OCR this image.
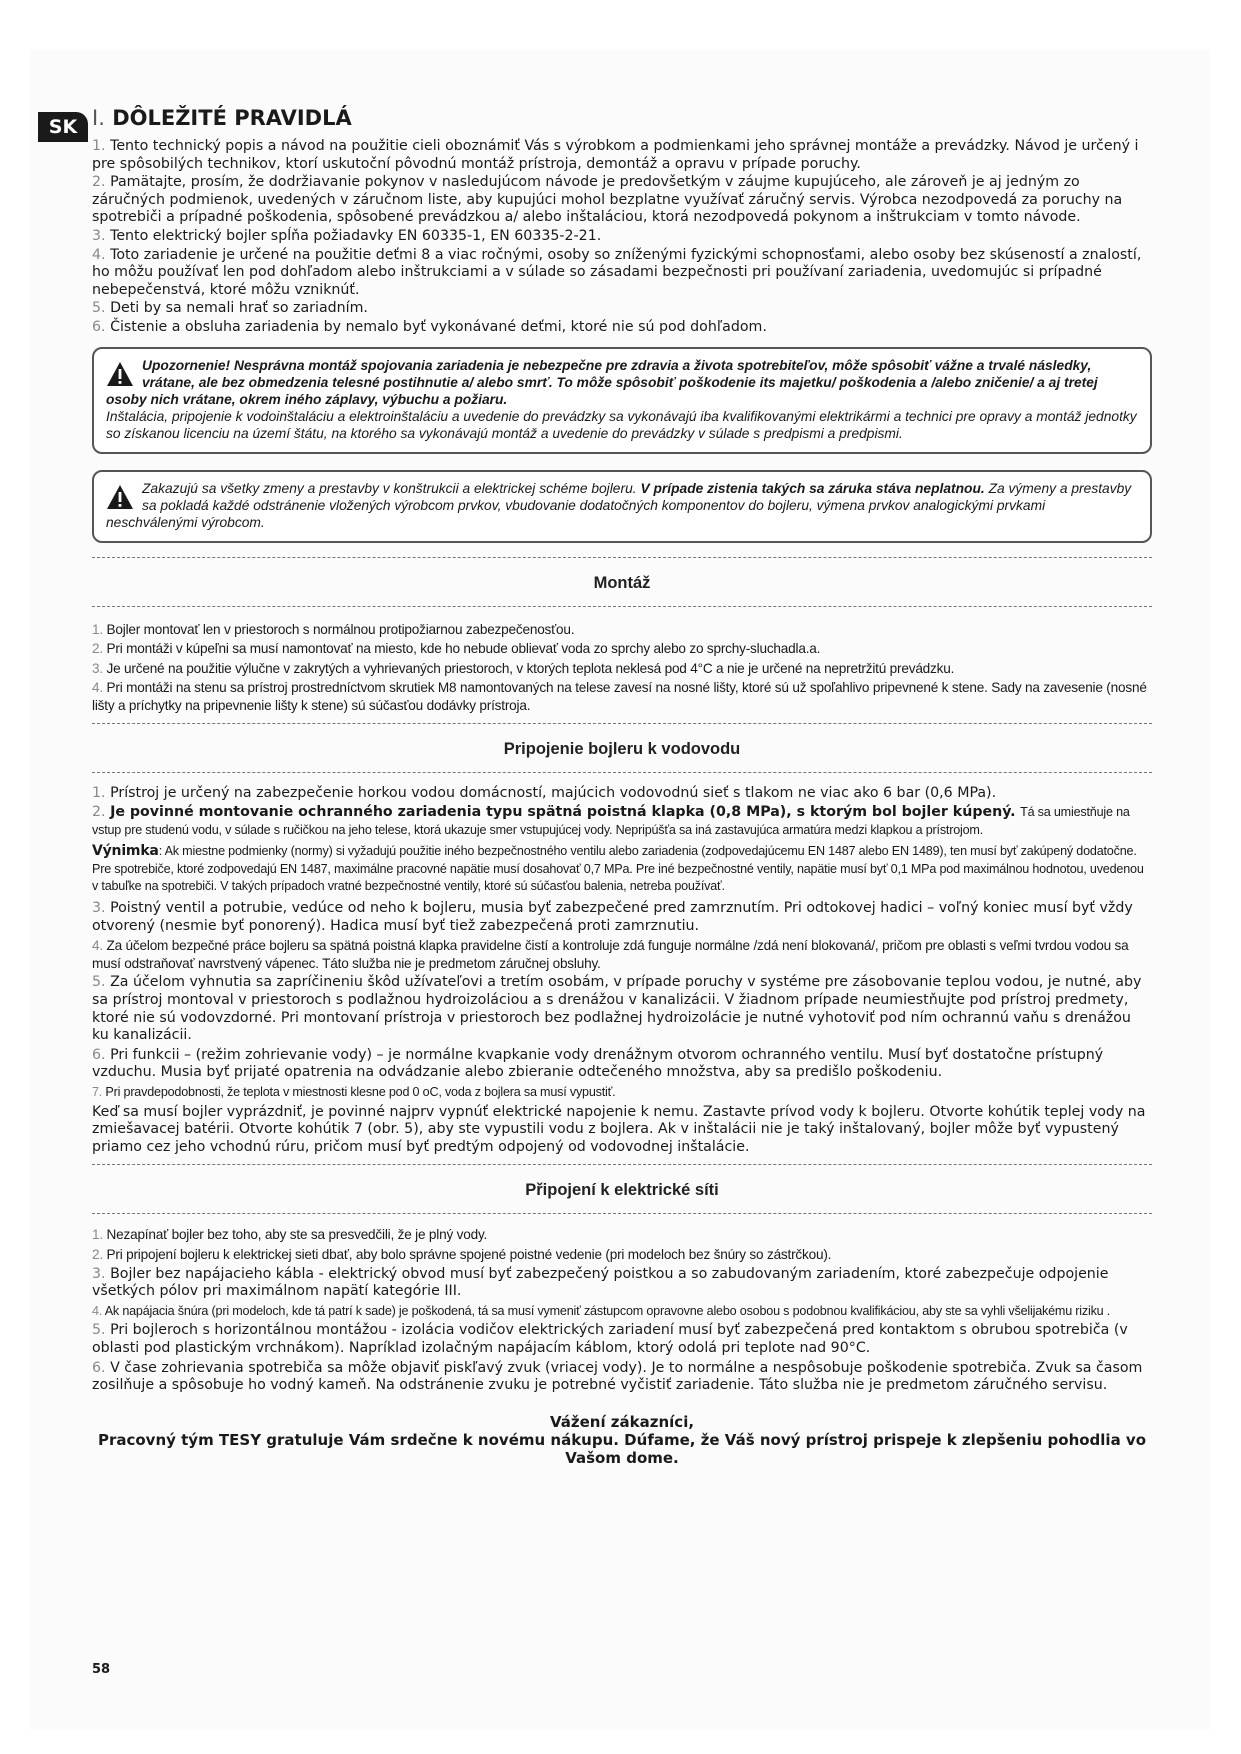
SK I. DÔLEŽITÉ PRAVIDLÁ

1. Tento technický popis a návod na použitie cieli oboznámiť Vás s výrobkom a podmienkami jeho správnej montáže a prevádzky. Návod je určený i pre spôsobilých technikov, ktorí uskutoční pôvodnú montáž prístroja, demontáž a opravu v prípade poruchy.

2. Pamätajte, prosím, že dodržiavanie pokynov v nasledujúcom návode je predovšetkým v záujme kupujúceho, ale zároveň je aj jedným zo záručných podmienok, uvedených v záručnom liste, aby kupujúci mohol bezplatne využívať záručný servis. Výrobca nezodpovedá za poruchy na spotrebiči a prípadné poškodenia, spôsobené prevádzkou a/ alebo inštaláciou, ktorá nezodpovedá pokynom a inštrukciam v tomto návode.

3. Tento elektrický bojler spĺňa požiadavky EN 60335-1, EN 60335-2-21.

4. Toto zariadenie je určené na použitie deťmi 8 a viac ročnými, osoby so zníženými fyzickými schopnosťami, alebo osoby bez skúseností a znalostí, ho môžu používať len pod dohľadom alebo inštrukciami a v súlade so zásadami bezpečnosti pri používaní zariadenia, uvedomujúc si prípadné nebepečenstvá, ktoré môžu vzniknúť.

5. Deti by sa nemali hrať so zariadním.

6. Čistenie a obsluha zariadenia by nemalo byť vykonávané deťmi, ktoré nie sú pod dohľadom.

Upozornenie! Nesprávna montáž spojovania zariadenia je nebezpečne pre zdravia a života spotrebiteľov, môže spôsobiť vážne a trvalé následky, vrátane, ale bez obmedzenia telesné postihnutie a/ alebo smrť. To môže spôsobiť poškodenie its majetku/ poškodenia a /alebo zničenie/ a aj tretej osoby nich vrátane, okrem iného záplavy, výbuchu a požiaru.
Inštalácia, pripojenie k vodoinštaláciu a elektroinštaláciu a uvedenie do prevádzky sa vykonávajú iba kvalifikovanými elektrikármi a technici pre opravy a montáž jednotky so získanou licenciu na území štátu, na ktorého sa vykonávajú montáž a uvedenie do prevádzky v súlade s predpismi a predpismi.
Zakazujú sa všetky zmeny a prestavby v konštrukcii a elektrickej schéme bojleru. V prípade zistenia takých sa záruka stáva neplatnou. Za výmeny a prestavby sa pokladá každé odstránenie vložených výrobcom prvkov, vbudovanie dodatočných komponentov do bojleru, výmena prvkov analogickými prvkami neschválenými výrobcom.
Montáž

1. Bojler montovať len v priestoroch s normálnou protipožiarnou zabezpečenosťou.

2. Pri montáži v kúpeľni sa musí namontovať na miesto, kde ho nebude oblievať voda zo sprchy alebo zo sprchy-sluchadla.a.

3. Je určené na použitie výlučne v zakrytých a vyhrievaných priestoroch, v ktorých teplota neklesá pod 4°C a nie je určené na nepretržitú prevádzku.

4. Pri montáži na stenu sa prístroj prostredníctvom skrutiek M8 namontovaných na telese zavesí na nosné lišty, ktoré sú už spoľahlivo pripevnené k stene. Sady na zavesenie (nosné lišty a príchytky na pripevnenie lišty k stene) sú súčasťou dodávky prístroja.

Pripojenie bojleru k vodovodu

1. Prístroj je určený na zabezpečenie horkou vodou domácností, majúcich vodovodnú sieť s tlakom ne viac ako 6 bar (0,6 MPa).

2. Je povinné montovanie ochranného zariadenia typu spätná poistná klapka (0,8 MPa), s ktorým bol bojler kúpený. Tá sa umiestňuje na vstup pre studenú vodu, v súlade s ručičkou na jeho telese, ktorá ukazuje smer vstupujúcej vody. Nepripúšťa sa iná zastavujúca armatúra medzi klapkou a prístrojom.

Výnimka: Ak miestne podmienky (normy) si vyžadujú použitie iného bezpečnostného ventilu alebo zariadenia (zodpovedajúcemu EN 1487 alebo EN 1489), ten musí byť zakúpený dodatočne. Pre spotrebiče, ktoré zodpovedajú EN 1487, maximálne pracovné napätie musí dosahovať 0,7 MPa. Pre iné bezpečnostné ventily, napätie musí byť 0,1 MPa pod maximálnou hodnotou, uvedenou v tabuľke na spotrebiči. V takých prípadoch vratné bezpečnostné ventily, ktoré sú súčasťou balenia, netreba používať.

3. Poistný ventil a potrubie, vedúce od neho k bojleru, musia byť zabezpečené pred zamrznutím. Pri odtokovej hadici – voľný koniec musí byť vždy otvorený (nesmie byť ponorený). Hadica musí byť tiež zabezpečená proti zamrznutiu.

4. Za účelom bezpečné práce bojleru sa spätná poistná klapka pravidelne čistí a kontroluje zdá funguje normálne /zdá není blokovaná/, pričom pre oblasti s veľmi tvrdou vodou sa musí odstraňovať navrstvený vápenec. Táto služba nie je predmetom záručnej obsluhy.

5. Za účelom vyhnutia sa zapríčineniu škôd užívateľovi a tretím osobám, v prípade poruchy v systéme pre zásobovanie teplou vodou, je nutné, aby sa prístroj montoval v priestoroch s podlažnou hydroizoláciou a s drenážou v kanalizácii. V žiadnom prípade neumiestňujte pod prístroj predmety, ktoré nie sú vodovzdorné. Pri montovaní prístroja v priestoroch bez podlažnej hydroizolácie je nutné vyhotoviť pod ním ochrannú vaňu s drenážou ku kanalizácii.

6. Pri funkcii – (režim zohrievanie vody) – je normálne kvapkanie vody drenážnym otvorom ochranného ventilu. Musí byť dostatočne prístupný vzduchu. Musia byť prijaté opatrenia na odvádzanie alebo zbieranie odtečeného množstva, aby sa predišlo poškodeniu.

7. Pri pravdepodobnosti, že teplota v miestnosti klesne pod 0 oC, voda z bojlera sa musí vypustiť.

Keď sa musí bojler vyprázdniť, je povinné najprv vypnúť elektrické napojenie k nemu. Zastavte prívod vody k bojleru. Otvorte kohútik teplej vody na zmiešavacej batérii. Otvorte kohútik 7 (obr. 5), aby ste vypustili vodu z bojlera. Ak v inštalácii nie je taký inštalovaný, bojler môže byť vypustený priamo cez jeho vchodnú rúru, pričom musí byť predtým odpojený od vodovodnej inštalácie.

Připojení k elektrické síti

1. Nezapínať bojler bez toho, aby ste sa presvedčili, že je plný vody.

2. Pri pripojení bojleru k elektrickej sieti dbať, aby bolo správne spojené poistné vedenie (pri modeloch bez šnúry so zástrčkou).

3. Bojler bez napájacieho kábla - elektrický obvod musí byť zabezpečený poistkou a so zabudovaným zariadením, ktoré zabezpečuje odpojenie všetkých pólov pri maximálnom napätí kategórie III.

4. Ak napájacia šnúra (pri modeloch, kde tá patrí k sade) je poškodená, tá sa musí vymeniť zástupcom opravovne alebo osobou s podobnou kvalifikáciou, aby ste sa vyhli všelijakému riziku .

5. Pri bojleroch s horizontálnou montážou - izolácia vodičov elektrických zariadení musí byť zabezpečená pred kontaktom s obrubou spotrebiča (v oblasti pod plastickým vrchnákom). Napríklad izolačným napájacím káblom, ktorý odolá pri teplote nad 90°C.

6. V čase zohrievania spotrebiča sa môže objaviť piskľavý zvuk (vriacej vody). Je to normálne a nespôsobuje poškodenie spotrebiča. Zvuk sa časom zosilňuje a spôsobuje ho vodný kameň. Na odstránenie zvuku je potrebné vyčistiť zariadenie. Táto služba nie je predmetom záručného servisu.

Vážení zákazníci,
Pracovný tým TESY gratuluje Vám srdečne k novému nákupu. Dúfame, že Váš nový prístroj prispeje k zlepšeniu pohodlia vo Vašom dome.
58
